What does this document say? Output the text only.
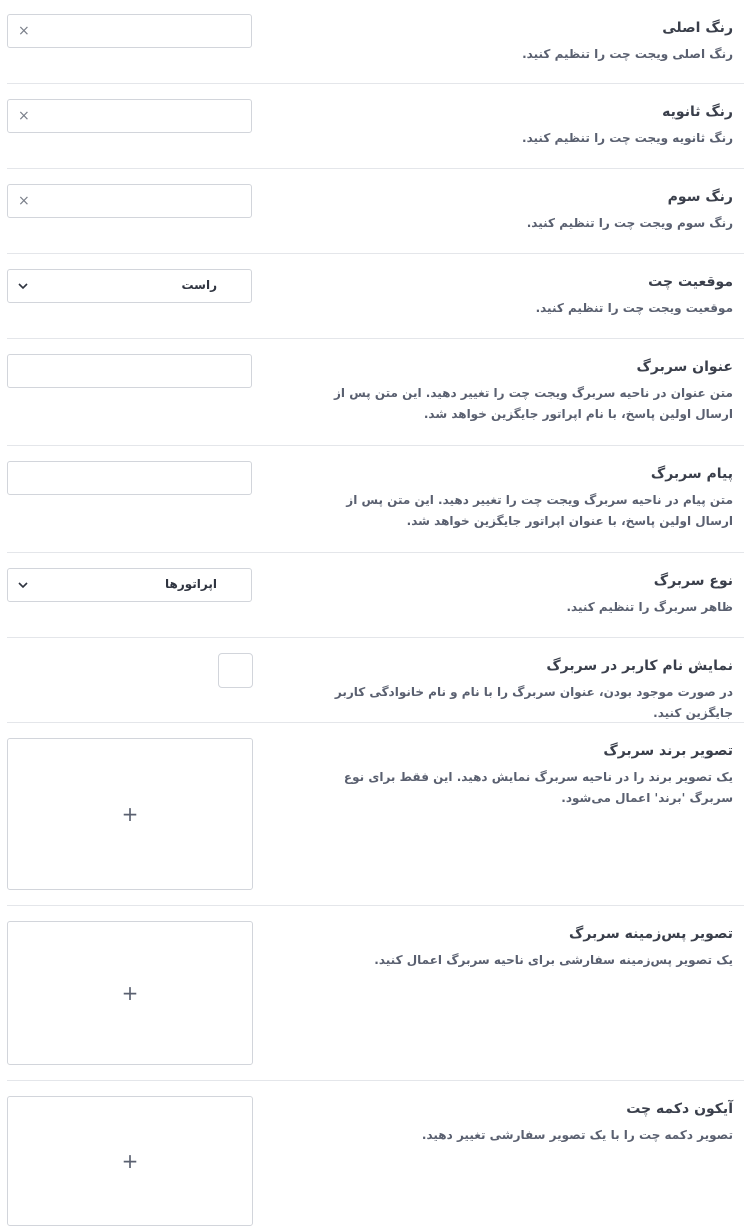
رنگ اصلی
رنگ اصلی ویجت چت را تنظیم کنید.
×
رنگ ثانویه
رنگ ثانویه ویجت چت را تنظیم کنید.
×
رنگ سوم
رنگ سوم ویجت چت را تنظیم کنید.
×
موقعیت چت
موقعیت ویجت چت را تنظیم کنید.
راست
عنوان سربرگ
متن عنوان در ناحیه سربرگ ویجت چت را تغییر دهید. این متن پس از ارسال اولین پاسخ، با نام اپراتور جایگزین خواهد شد.
پیام سربرگ
متن پیام در ناحیه سربرگ ویجت چت را تغییر دهید. این متن پس از ارسال اولین پاسخ، با عنوان اپراتور جایگزین خواهد شد.
نوع سربرگ
ظاهر سربرگ را تنظیم کنید.
اپراتورها
نمایش نام کاربر در سربرگ
در صورت موجود بودن، عنوان سربرگ را با نام و نام خانوادگی کاربر جایگزین کنید.
تصویر برند سربرگ
یک تصویر برند را در ناحیه سربرگ نمایش دهید. این فقط برای نوع سربرگ 'برند' اعمال می‌شود.
+
تصویر پس‌زمینه سربرگ
یک تصویر پس‌زمینه سفارشی برای ناحیه سربرگ اعمال کنید.
+
آیکون دکمه چت
تصویر دکمه چت را با یک تصویر سفارشی تغییر دهید.
+
